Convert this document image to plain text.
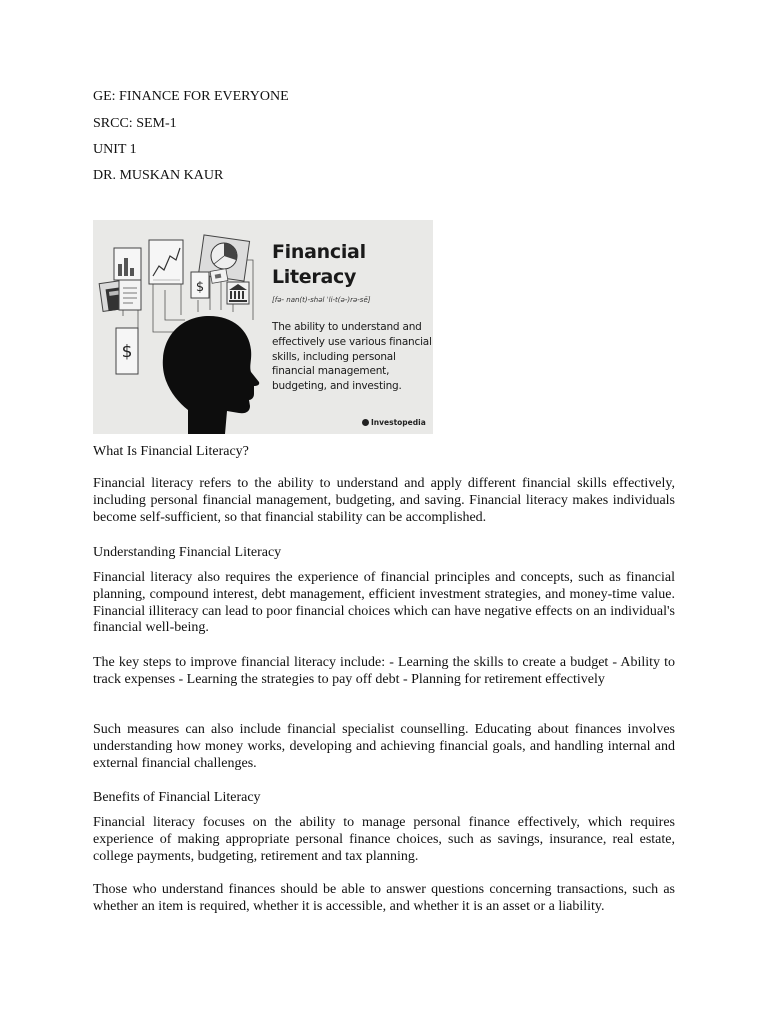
GE: FINANCE FOR EVERYONE
SRCC: SEM-1
UNIT 1
DR. MUSKAN KAUR
$
$
Financial
Literacy
[fə- nan(t)-shəl ˈli-t(ə-)rə-sē]
The ability to understand and effectively use various financial skills, including personal financial management, budgeting, and investing.
Investopedia
What Is Financial Literacy?
Financial literacy refers to the ability to understand and apply different financial skills effectively, including personal financial management, budgeting, and saving. Financial literacy makes individuals become self-sufficient, so that financial stability can be accomplished.
Understanding Financial Literacy
Financial literacy also requires the experience of financial principles and concepts, such as financial planning, compound interest, debt management, efficient investment strategies, and money-time value. Financial illiteracy can lead to poor financial choices which can have negative effects on an individual's financial well-being.
The key steps to improve financial literacy include: - Learning the skills to create a budget - Ability to track expenses - Learning the strategies to pay off debt - Planning for retirement effectively
Such measures can also include financial specialist counselling. Educating about finances involves understanding how money works, developing and achieving financial goals, and handling internal and external financial challenges.
Benefits of Financial Literacy
Financial literacy focuses on the ability to manage personal finance effectively, which requires experience of making appropriate personal finance choices, such as savings, insurance, real estate, college payments, budgeting, retirement and tax planning.
Those who understand finances should be able to answer questions concerning transactions, such as whether an item is required, whether it is accessible, and whether it is an asset or a liability.
